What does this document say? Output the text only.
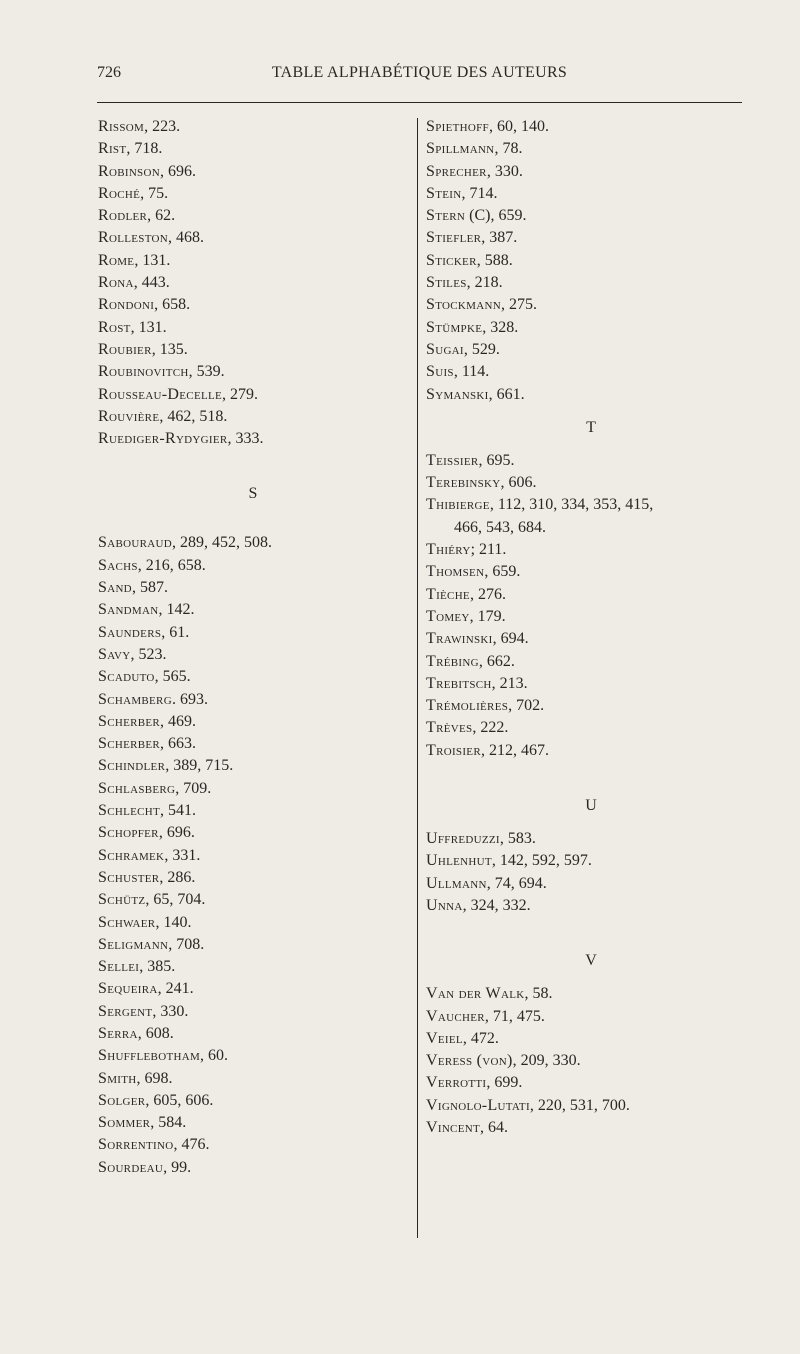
726	TABLE ALPHABÉTIQUE DES AUTEURS
Rissom, 223.
Rist, 718.
Robinson, 696.
Roché, 75.
Rodler, 62.
Rolleston, 468.
Rome, 131.
Rona, 443.
Rondoni, 658.
Rost, 131.
Roubier, 135.
Roubinovitch, 539.
Rousseau-Decelle, 279.
Rouvière, 462, 518.
Ruediger-Rydygier, 333.
S
Sabouraud, 289, 452, 508.
Sachs, 216, 658.
Sand, 587.
Sandman, 142.
Saunders, 61.
Savy, 523.
Scaduto, 565.
Schamberg. 693.
Scherber, 469.
Scherber, 663.
Schindler, 389, 715.
Schlasberg, 709.
Schlecht, 541.
Schopfer, 696.
Schramek, 331.
Schuster, 286.
Schütz, 65, 704.
Schwaer, 140.
Seligmann, 708.
Sellei, 385.
Sequeira, 241.
Sergent, 330.
Serra, 608.
Shufflebotham, 60.
Smith, 698.
Solger, 605, 606.
Sommer, 584.
Sorrentino, 476.
Sourdeau, 99.
Spiethoff, 60, 140.
Spillmann, 78.
Sprecher, 330.
Stein, 714.
Stern (C), 659.
Stiefler, 387.
Sticker, 588.
Stiles, 218.
Stockmann, 275.
Stümpke, 328.
Sugai, 529.
Suis, 114.
Symanski, 661.
T
Teissier, 695.
Terebinsky, 606.
Thibierge, 112, 310, 334, 353, 415,
466, 543, 684.
Thiéry; 211.
Thomsen, 659.
Tièche, 276.
Tomey, 179.
Trawinski, 694.
Trébing, 662.
Trebitsch, 213.
Trémolières, 702.
Trèves, 222.
Troisier, 212, 467.
U
Uffreduzzi, 583.
Uhlenhut, 142, 592, 597.
Ullmann, 74, 694.
Unna, 324, 332.
V
Van der Walk, 58.
Vaucher, 71, 475.
Veiel, 472.
Veress (von), 209, 330.
Verrotti, 699.
Vignolo-Lutati, 220, 531, 700.
Vincent, 64.
